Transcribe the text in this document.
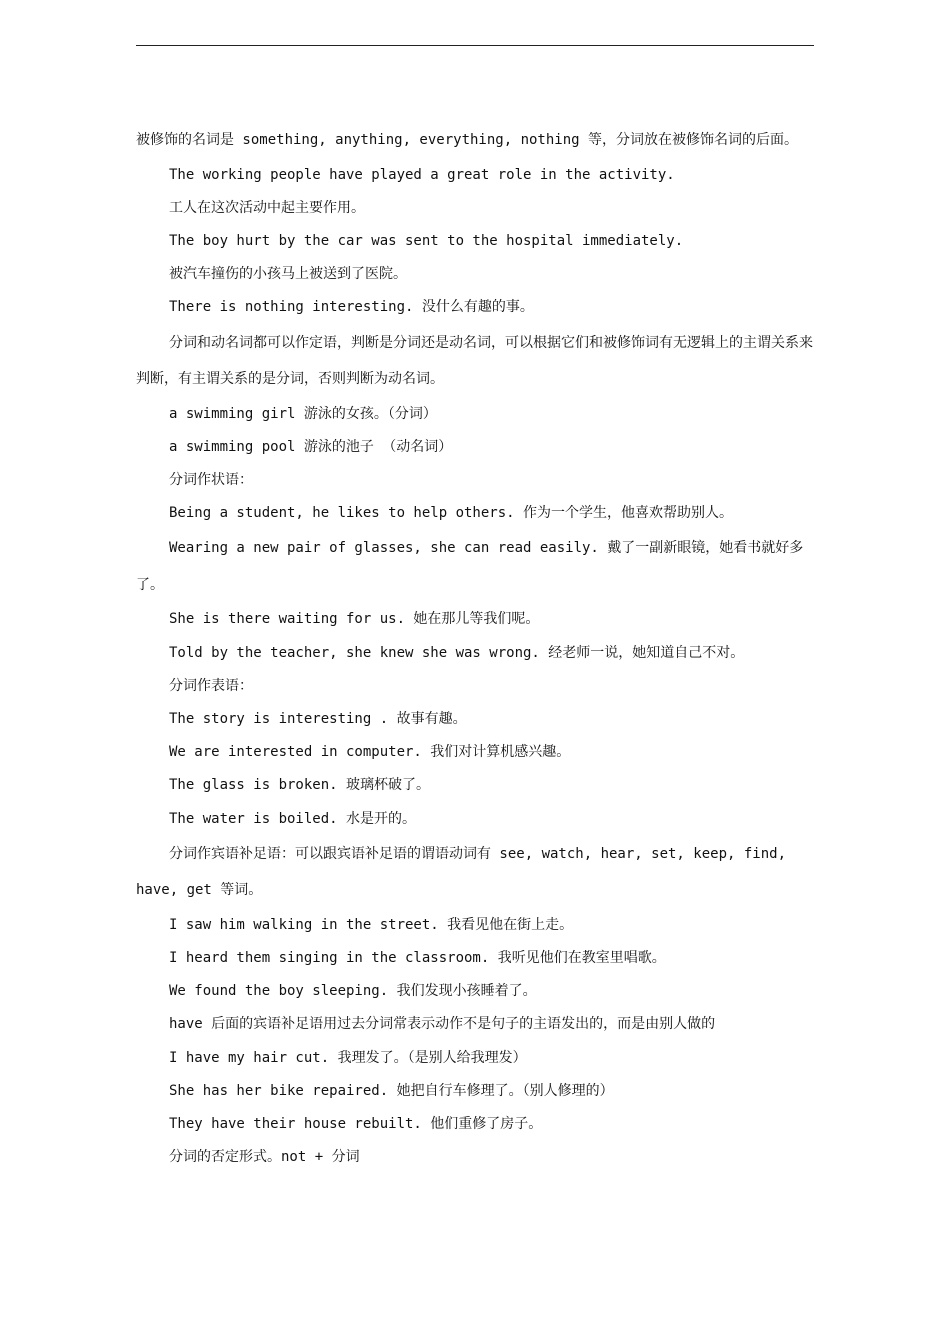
被修饰的名词是 something, anything, everything, nothing 等，分词放在被修饰名词的后面。

The working people have played a great role in the activity.

工人在这次活动中起主要作用。

The boy hurt by the car was sent to the hospital immediately.

被汽车撞伤的小孩马上被送到了医院。

There is nothing interesting. 没什么有趣的事。

分词和动名词都可以作定语，判断是分词还是动名词，可以根据它们和被修饰词有无逻辑上的主谓关系来判断，有主谓关系的是分词，否则判断为动名词。

a swimming girl 游泳的女孩。（分词）

a swimming pool 游泳的池子 （动名词）

分词作状语：

Being a student, he likes to help others. 作为一个学生，他喜欢帮助别人。

Wearing a new pair of glasses, she can read easily. 戴了一副新眼镜，她看书就好多了。

She is there waiting for us. 她在那儿等我们呢。

Told by the teacher, she knew she was wrong. 经老师一说，她知道自己不对。

分词作表语：

The story is interesting . 故事有趣。

We are interested in computer. 我们对计算机感兴趣。

The glass is broken. 玻璃杯破了。

The water is boiled. 水是开的。

分词作宾语补足语：可以跟宾语补足语的谓语动词有 see, watch, hear, set, keep, find, have, get 等词。

I saw him walking in the street. 我看见他在街上走。

I heard them singing in the classroom. 我听见他们在教室里唱歌。

We found the boy sleeping. 我们发现小孩睡着了。

have 后面的宾语补足语用过去分词常表示动作不是句子的主语发出的，而是由别人做的

I have my hair cut. 我理发了。（是别人给我理发）

She has her bike repaired. 她把自行车修理了。（别人修理的）

They have their house rebuilt. 他们重修了房子。

分词的否定形式。not + 分词
